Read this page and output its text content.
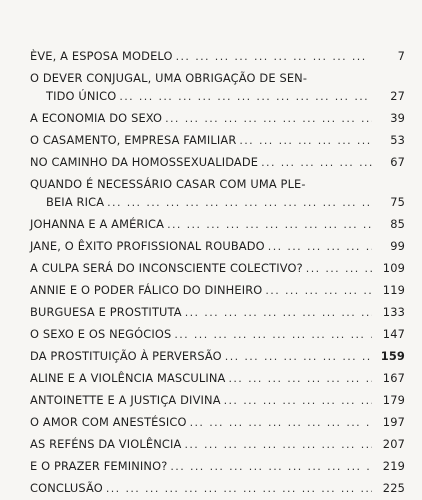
ÈVE, A ESPOSA MODELO ... .	7
O DEVER CONJUGAL, UMA OBRIGAÇÃO DE SEN-
TIDO ÚNICO ... .	27
A ECONOMIA DO SEXO ... .	39
O CASAMENTO, EMPRESA FAMILIAR ... .	53
NO CAMINHO DA HOMOSSEXUALIDADE ... .	67
QUANDO É NECESSÁRIO CASAR COM UMA PLE-
BEIA RICA ... .	75
JOHANNA E A AMÉRICA ... .	85
JANE, O ÊXITO PROFISSIONAL ROUBADO ... .	99
A CULPA SERÁ DO INCONSCIENTE COLECTIVO? ... .	109
ANNIE E O PODER FÁLICO DO DINHEIRO ... .	119
BURGUESA E PROSTITUTA ... .	133
O SEXO E OS NEGÓCIOS ... .	147
DA PROSTITUIÇÃO À PERVERSÃO ... .	159
ALINE E A VIOLÊNCIA MASCULINA ... .	167
ANTOINETTE E A JUSTIÇA DIVINA ... .	179
O AMOR COM ANESTÉSICO ... .	197
AS REFÉNS DA VIOLÊNCIA ... .	207
E O PRAZER FEMININO? ... .	219
CONCLUSÃO ... .	225
